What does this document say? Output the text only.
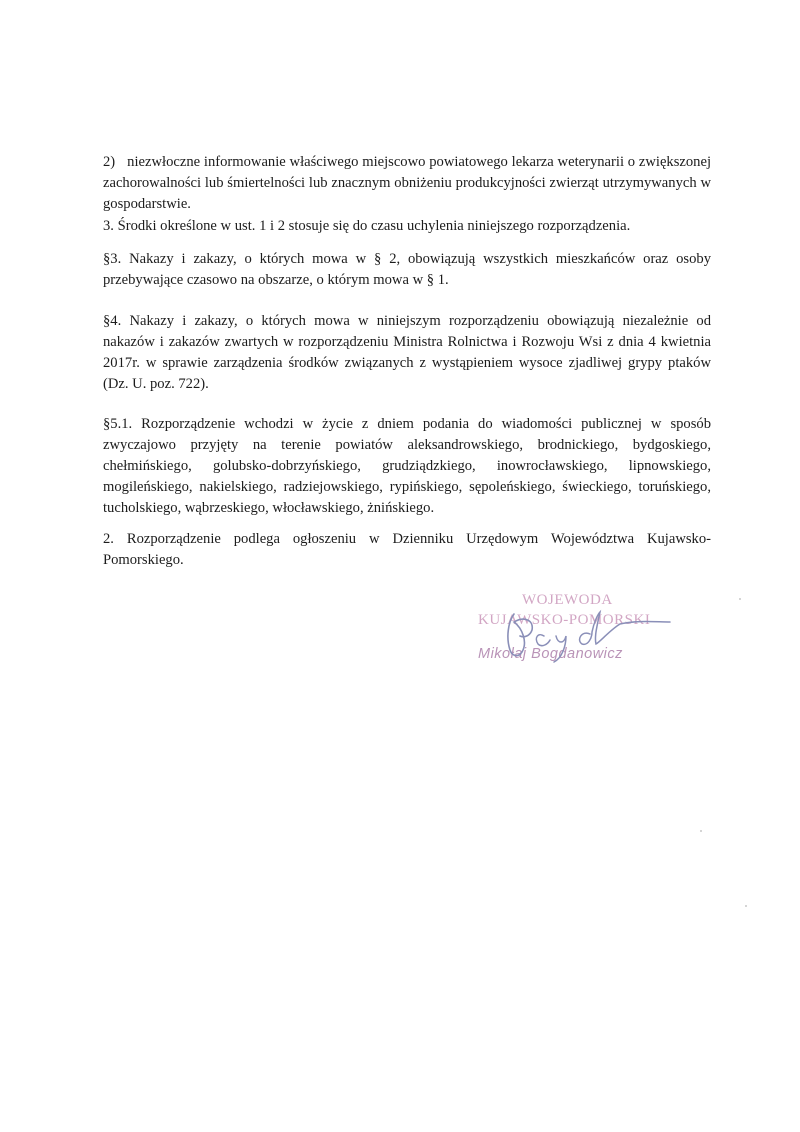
2) niezwłoczne informowanie właściwego miejscowo powiatowego lekarza weterynarii o zwiększonej zachorowalności lub śmiertelności lub znacznym obniżeniu produkcyjności zwierząt utrzymywanych w gospodarstwie.

3. Środki określone w ust. 1 i 2 stosuje się do czasu uchylenia niniejszego rozporządzenia.

§3. Nakazy i zakazy, o których mowa w § 2, obowiązują wszystkich mieszkańców oraz osoby przebywające czasowo na obszarze, o którym mowa w § 1.

§4. Nakazy i zakazy, o których mowa w niniejszym rozporządzeniu obowiązują niezależnie od nakazów i zakazów zwartych w rozporządzeniu Ministra Rolnictwa i Rozwoju Wsi z dnia 4 kwietnia 2017r. w sprawie zarządzenia środków związanych z wystąpieniem wysoce zjadliwej grypy ptaków (Dz. U. poz. 722).

§5.1. Rozporządzenie wchodzi w życie z dniem podania do wiadomości publicznej w sposób zwyczajowo przyjęty na terenie powiatów aleksandrowskiego, brodnickiego, bydgoskiego, chełmińskiego, golubsko-dobrzyńskiego, grudziądzkiego, inowrocławskiego, lipnowskiego, mogileńskiego, nakielskiego, radziejowskiego, rypińskiego, sępoleńskiego, świeckiego, toruńskiego, tucholskiego, wąbrzeskiego, włocławskiego, żnińskiego.

2. Rozporządzenie podlega ogłoszeniu w Dzienniku Urzędowym Województwa Kujawsko-Pomorskiego.

WOJEWODA
KUJAWSKO-POMORSKI
Mikołaj Bogdanowicz
